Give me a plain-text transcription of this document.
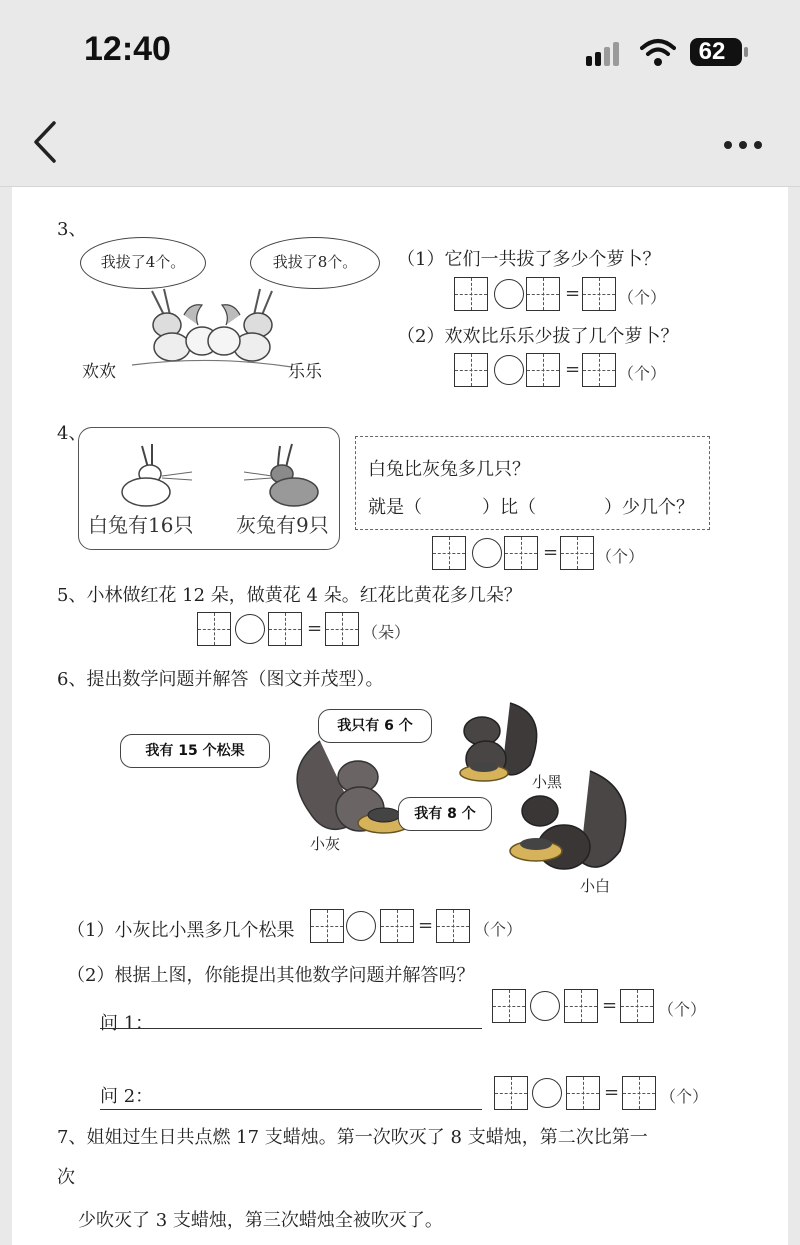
12:40	62
3、
我拔了4个。	我拔了8个。
欢欢	乐乐
（1）它们一共拔了多少个萝卜？
= （个）
（2）欢欢比乐乐少拔了几个萝卜？
= （个）
4、
白兔有16只 灰兔有9只
白兔比灰兔多几只？
就是（	）比（	）少几个？
= （个）
5、小林做红花 12 朵，做黄花 4 朵。红花比黄花多几朵？
= （朵）
6、提出数学问题并解答（图文并茂型）。
我有 15 个松果
我只有 6 个
我有 8 个
小灰
小黑
小白
（1）小灰比小黑多几个松果	=	（个）
（2）根据上图，你能提出其他数学问题并解答吗？
问 1：
=	（个）
问 2：	=	（个）
7、姐姐过生日共点燃 17 支蜡烛。第一次吹灭了 8 支蜡烛，第二次比第一
次
少吹灭了 3 支蜡烛，第三次蜡烛全被吹灭了。
